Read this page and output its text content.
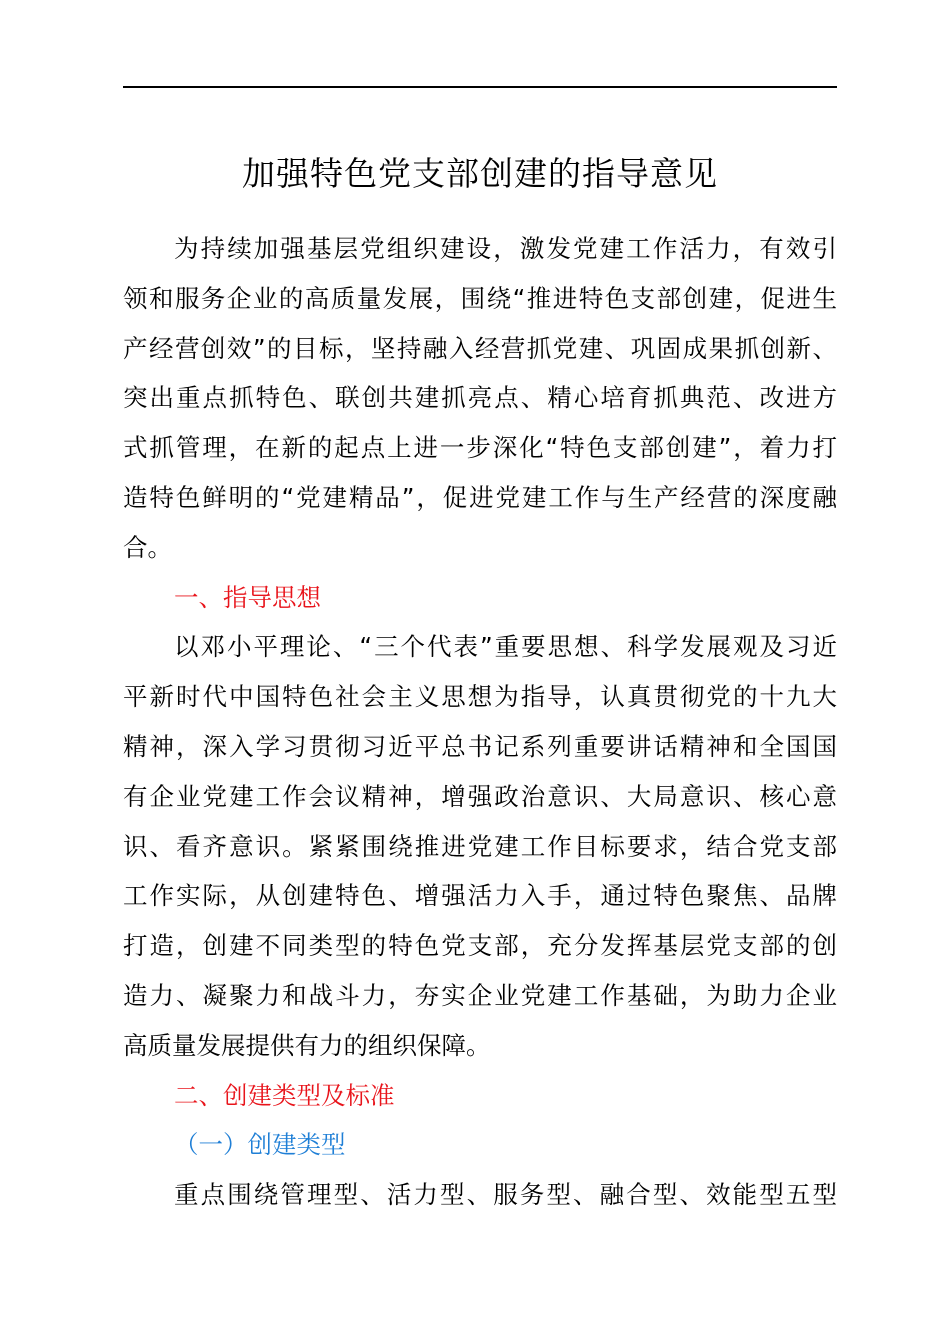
加强特色党支部创建的指导意见
为持续加强基层党组织建设，激发党建工作活力，有效引
领和服务企业的高质量发展，围绕“推进特色支部创建，促进生
产经营创效”的目标，坚持融入经营抓党建、巩固成果抓创新、
突出重点抓特色、联创共建抓亮点、精心培育抓典范、改进方
式抓管理，在新的起点上进一步深化“特色支部创建”，着力打
造特色鲜明的“党建精品”，促进党建工作与生产经营的深度融
合。
一、指导思想
以邓小平理论、“三个代表”重要思想、科学发展观及习近
平新时代中国特色社会主义思想为指导，认真贯彻党的十九大
精神，深入学习贯彻习近平总书记系列重要讲话精神和全国国
有企业党建工作会议精神，增强政治意识、大局意识、核心意
识、看齐意识。紧紧围绕推进党建工作目标要求，结合党支部
工作实际，从创建特色、增强活力入手，通过特色聚焦、品牌
打造，创建不同类型的特色党支部，充分发挥基层党支部的创
造力、凝聚力和战斗力，夯实企业党建工作基础，为助力企业
高质量发展提供有力的组织保障。
二、创建类型及标准
（一）创建类型
重点围绕管理型、活力型、服务型、融合型、效能型五型
